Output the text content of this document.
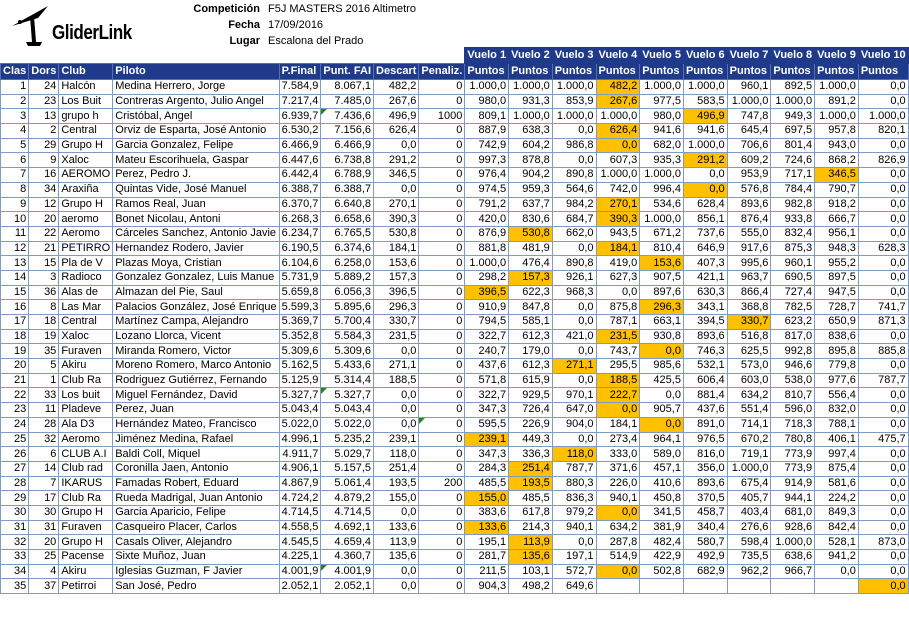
GliderLink
Competición F5J MASTERS 2016 Altimetro
Fecha 17/09/2016
Lugar Escalona del Prado
								Vuelo 1	Vuelo 2	Vuelo 3	Vuelo 4	Vuelo 5	Vuelo 6	Vuelo 7	Vuelo 8	Vuelo 9	Vuelo 10
Clas	Dors	Club	Piloto	P.Final	Punt. FAI	Descart	Penaliz.	Puntos	Puntos	Puntos	Puntos	Puntos	Puntos	Puntos	Puntos	Puntos	Puntos
1	24	Halcón	Medina Herrero, Jorge	7.584,9	8.067,1	482,2	0	1.000,0	1.000,0	1.000,0	482,2	1.000,0	1.000,0	960,1	892,5	1.000,0	0,0
2	23	Los Buit	Contreras Argento, Julio Angel	7.217,4	7.485,0	267,6	0	980,0	931,3	853,9	267,6	977,5	583,5	1.000,0	1.000,0	891,2	0,0
3	13	grupo h	Cristóbal, Angel	6.939,7	7.436,6	496,9	1000	809,1	1.000,0	1.000,0	1.000,0	980,0	496,9	747,8	949,3	1.000,0	1.000,0
4	2	Central	Orviz de Esparta, José Antonio	6.530,2	7.156,6	626,4	0	887,9	638,3	0,0	626,4	941,6	941,6	645,4	697,5	957,8	820,1
5	29	Grupo H	Garcia Gonzalez, Felipe	6.466,9	6.466,9	0,0	0	742,9	604,2	986,8	0,0	682,0	1.000,0	706,6	801,4	943,0	0,0
6	9	Xaloc	Mateu Escorihuela, Gaspar	6.447,6	6.738,8	291,2	0	997,3	878,8	0,0	607,3	935,3	291,2	609,2	724,6	868,2	826,9
7	16	AEROMO	Perez, Pedro J.	6.442,4	6.788,9	346,5	0	976,4	904,2	890,8	1.000,0	1.000,0	0,0	953,9	717,1	346,5	0,0
8	34	Araxiña	Quintas Vide, José Manuel	6.388,7	6.388,7	0,0	0	974,5	959,3	564,6	742,0	996,4	0,0	576,8	784,4	790,7	0,0
9	12	Grupo H	Ramos Real, Juan	6.370,7	6.640,8	270,1	0	791,2	637,7	984,2	270,1	534,6	628,4	893,6	982,8	918,2	0,0
10	20	aeromo	Bonet Nicolau, Antoni	6.268,3	6.658,6	390,3	0	420,0	830,6	684,7	390,3	1.000,0	856,1	876,4	933,8	666,7	0,0
11	22	Aeromo	Cárceles Sanchez, Antonio Javie	6.234,7	6.765,5	530,8	0	876,9	530,8	662,0	943,5	671,2	737,6	555,0	832,4	956,1	0,0
12	21	PETIRRO	Hernandez Rodero, Javier	6.190,5	6.374,6	184,1	0	881,8	481,9	0,0	184,1	810,4	646,9	917,6	875,3	948,3	628,3
13	15	Pla de V	Plazas Moya, Cristian	6.104,6	6.258,0	153,6	0	1.000,0	476,4	890,8	419,0	153,6	407,3	995,6	960,1	955,2	0,0
14	3	Radioco	Gonzalez Gonzalez, Luis Manue	5.731,9	5.889,2	157,3	0	298,2	157,3	926,1	627,3	907,5	421,1	963,7	690,5	897,5	0,0
15	36	Alas de	Almazan del Pie, Saul	5.659,8	6.056,3	396,5	0	396,5	622,3	968,3	0,0	897,6	630,3	866,4	727,4	947,5	0,0
16	8	Las Mar	Palacios González, José Enrique	5.599,3	5.895,6	296,3	0	910,9	847,8	0,0	875,8	296,3	343,1	368,8	782,5	728,7	741,7
17	18	Central	Martínez Campa, Alejandro	5.369,7	5.700,4	330,7	0	794,5	585,1	0,0	787,1	663,1	394,5	330,7	623,2	650,9	871,3
18	19	Xaloc	Lozano Llorca, Vicent	5.352,8	5.584,3	231,5	0	322,7	612,3	421,0	231,5	930,8	893,6	516,8	817,0	838,6	0,0
19	35	Furaven	Miranda Romero, Victor	5.309,6	5.309,6	0,0	0	240,7	179,0	0,0	743,7	0,0	746,3	625,5	992,8	895,8	885,8
20	5	Akiru	Moreno Romero, Marco Antonio	5.162,5	5.433,6	271,1	0	437,6	612,3	271,1	295,5	985,6	532,1	573,0	946,6	779,8	0,0
21	1	Club Ra	Rodriguez Gutiérrez, Fernando	5.125,9	5.314,4	188,5	0	571,8	615,9	0,0	188,5	425,5	606,4	603,0	538,0	977,6	787,7
22	33	Los buit	Miguel Fernández, David	5.327,7	5.327,7	0,0	0	322,7	929,5	970,1	222,7	0,0	881,4	634,2	810,7	556,4	0,0
23	11	Pladeve	Perez, Juan	5.043,4	5.043,4	0,0	0	347,3	726,4	647,0	0,0	905,7	437,6	551,4	596,0	832,0	0,0
24	28	Ala D3	Hernández Mateo, Francisco	5.022,0	5.022,0	0,0	0	595,5	226,9	904,0	184,1	0,0	891,0	714,1	718,3	788,1	0,0
25	32	Aeromo	Jiménez Medina, Rafael	4.996,1	5.235,2	239,1	0	239,1	449,3	0,0	273,4	964,1	976,5	670,2	780,8	406,1	475,7
26	6	CLUB A.I	Baldi Coll, Miquel	4.911,7	5.029,7	118,0	0	347,3	336,3	118,0	333,0	589,0	816,0	719,1	773,9	997,4	0,0
27	14	Club rad	Coronilla Jaen, Antonio	4.906,1	5.157,5	251,4	0	284,3	251,4	787,7	371,6	457,1	356,0	1.000,0	773,9	875,4	0,0
28	7	IKARUS	Famadas Robert, Eduard	4.867,9	5.061,4	193,5	200	485,5	193,5	880,3	226,0	410,6	893,6	675,4	914,9	581,6	0,0
29	17	Club Ra	Rueda Madrigal, Juan Antonio	4.724,2	4.879,2	155,0	0	155,0	485,5	836,3	940,1	450,8	370,5	405,7	944,1	224,2	0,0
30	30	Grupo H	Garcia Aparicio, Felipe	4.714,5	4.714,5	0,0	0	383,6	617,8	979,2	0,0	341,5	458,7	403,4	681,0	849,3	0,0
31	31	Furaven	Casqueiro Placer, Carlos	4.558,5	4.692,1	133,6	0	133,6	214,3	940,1	634,2	381,9	340,4	276,6	928,6	842,4	0,0
32	20	Grupo H	Casals Oliver, Alejandro	4.545,5	4.659,4	113,9	0	195,1	113,9	0,0	287,8	482,4	580,7	598,4	1.000,0	528,1	873,0
33	25	Pacense	Sixte Muñoz, Juan	4.225,1	4.360,7	135,6	0	281,7	135,6	197,1	514,9	422,9	492,9	735,5	638,6	941,2	0,0
34	4	Akiru	Iglesias Guzman, F Javier	4.001,9	4.001,9	0,0	0	211,5	103,1	572,7	0,0	502,8	682,9	962,2	966,7	0,0	0,0
35	37	Petirroi	San José, Pedro	2.052,1	2.052,1	0,0	0	904,3	498,2	649,6							0,0
